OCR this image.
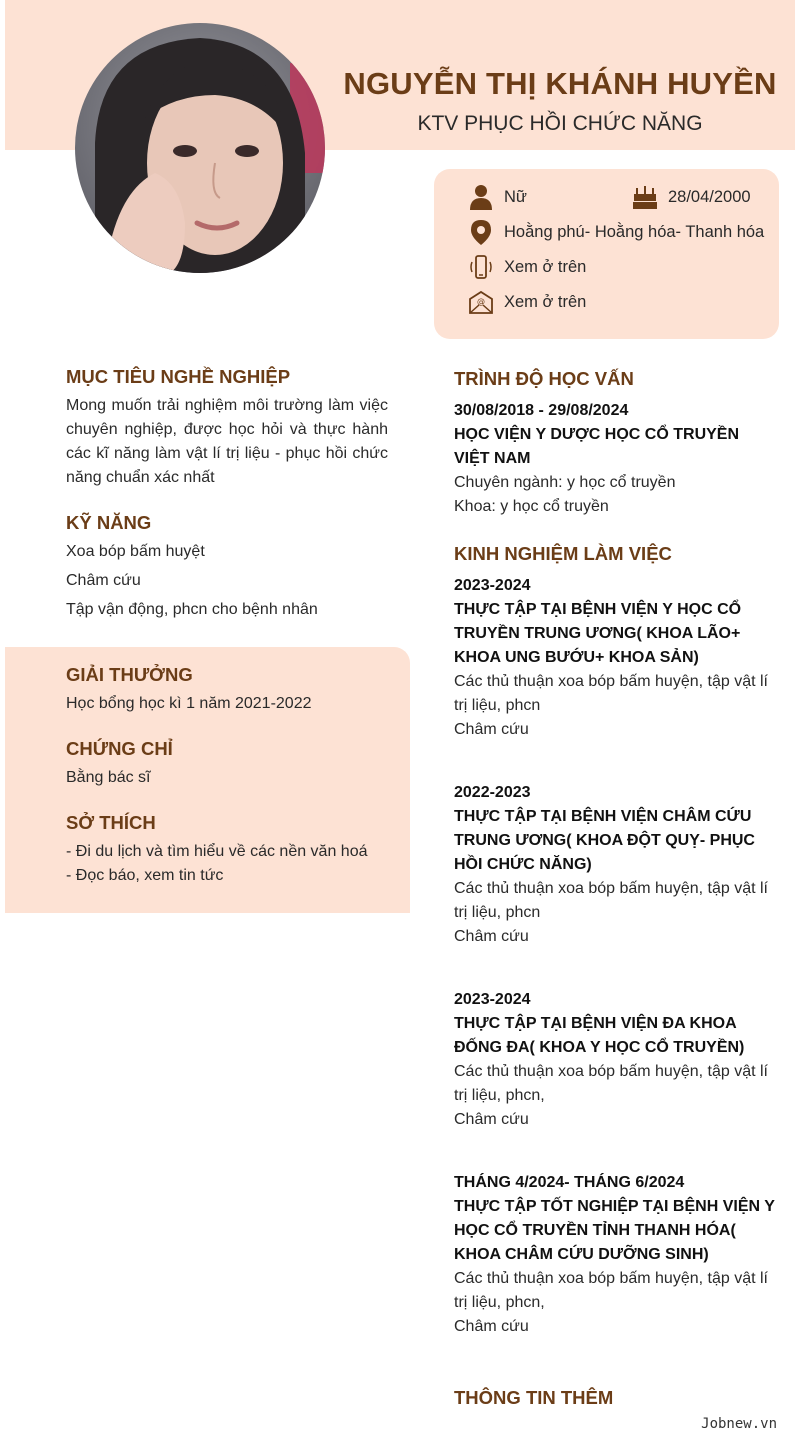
NGUYỄN THỊ KHÁNH HUYỀN
KTV PHỤC HỒI CHỨC NĂNG
Nữ	28/04/2000
Hoằng phú- Hoằng hóa- Thanh hóa
Xem ở trên
@ Xem ở trên
MỤC TIÊU NGHỀ NGHIỆP
Mong muốn trải nghiệm môi trường làm việc chuyên nghiệp, được học hỏi và thực hành các kĩ năng làm vật lí trị liệu - phục hồi chức năng chuẩn xác nhất
KỸ NĂNG
Xoa bóp bấm huyệt
Châm cứu
Tập vận động, phcn cho bệnh nhân
GIẢI THƯỞNG
Học bổng học kì 1 năm 2021-2022
CHỨNG CHỈ
Bằng bác sĩ
SỞ THÍCH
- Đi du lịch và tìm hiểu về các nền văn hoá
- Đọc báo, xem tin tức
TRÌNH ĐỘ HỌC VẤN
30/08/2018 - 29/08/2024
HỌC VIỆN Y DƯỢC HỌC CỔ TRUYỀN VIỆT NAM
Chuyên ngành: y học cổ truyền
Khoa: y học cổ truyền
KINH NGHIỆM LÀM VIỆC
2023-2024
THỰC TẬP TẠI BỆNH VIỆN Y HỌC CỔ TRUYỀN TRUNG ƯƠNG( KHOA LÃO+ KHOA UNG BƯỚU+ KHOA SẢN)
Các thủ thuận xoa bóp bấm huyện, tập vật lí trị liệu, phcn
Châm cứu
2022-2023
THỰC TẬP TẠI BỆNH VIỆN CHÂM CỨU TRUNG ƯƠNG( KHOA ĐỘT QUỴ- PHỤC HỒI CHỨC NĂNG)
Các thủ thuận xoa bóp bấm huyện, tập vật lí trị liệu, phcn
Châm cứu
2023-2024
THỰC TẬP TẠI BỆNH VIỆN ĐA KHOA ĐỐNG ĐA( KHOA Y HỌC CỔ TRUYỀN)
Các thủ thuận xoa bóp bấm huyện, tập vật lí trị liệu, phcn,
Châm cứu
THÁNG 4/2024- THÁNG 6/2024
THỰC TẬP TỐT NGHIỆP TẠI BỆNH VIỆN Y HỌC CỔ TRUYỀN TỈNH THANH HÓA( KHOA CHÂM CỨU DƯỠNG SINH)
Các thủ thuận xoa bóp bấm huyện, tập vật lí trị liệu, phcn,
Châm cứu
THÔNG TIN THÊM
Jobnew.vn
